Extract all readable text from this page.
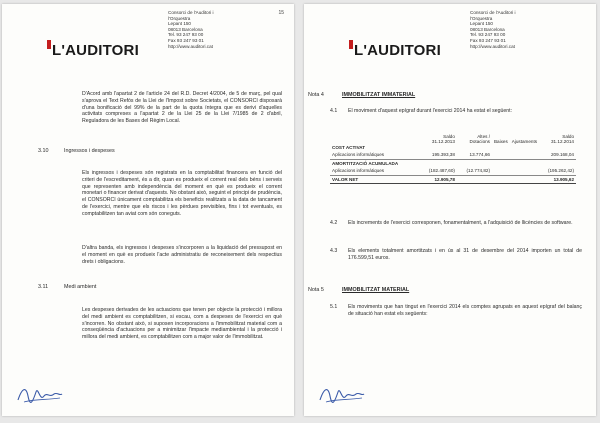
L'AUDITORI
Consorci de l'Auditori i
l'Orquestra
Lepant 150
08013 Barcelona
Tel. 93 247 93 00
Fax 93 247 93 01
http://www.auditori.cat
15
D'Acord amb l'apartat 2 de l'article 24 del R.D. Decret 4/2004, de 5 de març, pel qual s'aprova el Text Refós de la Llei de l'Impost sobre Societats, el CONSORCI disposarà d'una bonificació del 99% de la part de la quota íntegra que es derivi d'aquelles activitats compreses a l'apartat 2 de la Llei 25 de la Llei 7/1985 de 2 d'abril, Reguladora de les Bases del Règim Local.
3.10	Ingressos i despeses
Els ingressos i despeses són registrats en la comptabilitat financera en funció del criteri de l'escreditament, és a dir, quan es produeix el corrent real dels béns i serveis que representen amb independència del moment en què es produeix el corrent monetari o financer derivat d'aquests. No obstant això, seguint el principi de prudència, el CONSORCI únicament comptabilitza els beneficis realitzats a la data de tancament de l'exercici, mentre que els riscos i les pèrdues previsibles, fins i tot eventuals, es comptabilitzen tan aviat com són coneguts.
D'altra banda, els ingressos i despeses s'incorporen a la liquidació del pressupost en el moment en què es produeix l'acte administratiu de reconeixement dels respectius drets i obligacions.
3.11	Medi ambient
Les despeses derivades de les actuacions que tenen per objecte la protecció i millora del medi ambient es comptabilitzen, si escau, com a despeses de l'exercici en què s'incorren. No obstant això, si suposen incorporacions a l'immobilitzat material com a conseqüència d'actuacions per a minimitzar l'impacte mediambiental i la protecció i millora del medi ambient, es comptabilitzen com a major valor de l'immobilitzat.
L'AUDITORI
Consorci de l'Auditori i
l'Orquestra
Lepant 150
08013 Barcelona
Tel. 93 247 93 00
Fax 93 247 93 01
http://www.auditori.cat
Nota 4	IMMOBILITZAT IMMATERIAL
4.1 El moviment d'aquest epígraf durant l'exercici 2014 ha estat el següent:
	Saldo 31.12.2013	Altes / Dotacions	Baixes	Ajustaments	Saldo 31.12.2014
COST ACTIVAT					
Aplicacions informàtiques	195.393,38	13.774,66			209.168,04
AMORTITZACIÓ ACUMULADA					
Aplicacions informàtiques	(182.487,60)	(12.774,82)			(195.262,42)
VALOR NET	12.905,78				13.905,62
4.2 Els increments de l'exercici corresponen, fonamentalment, a l'adquisició de llicències de software.
4.3 Els elements totalment amortitzats i en ús al 31 de desembre del 2014 importen un total de 176.599,51 euros.
Nota 5	IMMOBILITZAT MATERIAL
5.1 Els moviments que han tingut en l'exercici 2014 els comptes agrupats en aquest epígraf del balanç de situació han estat els següents:
